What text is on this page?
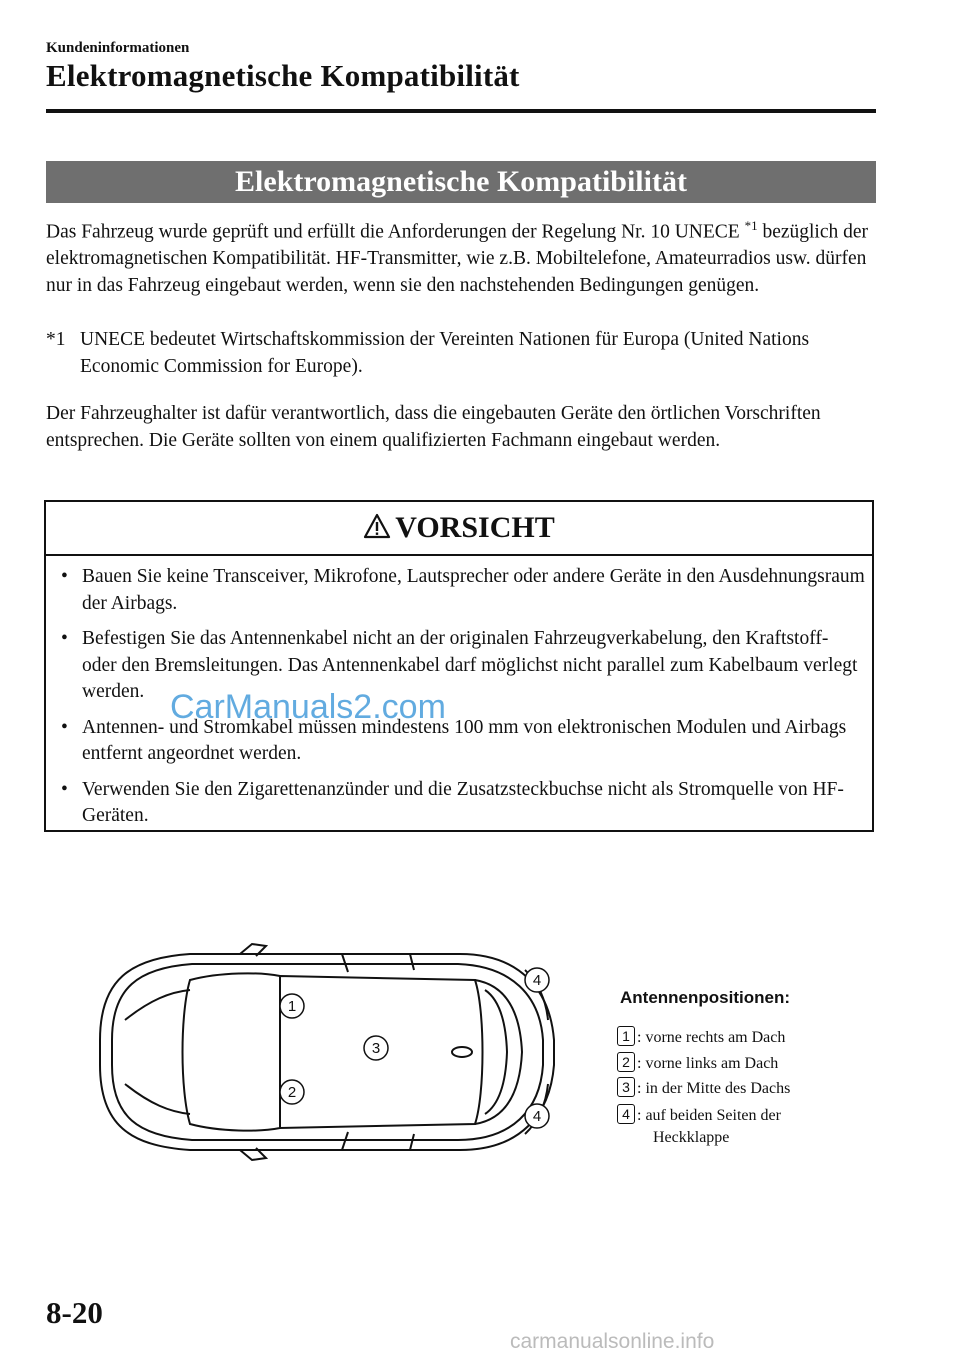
Kundeninformationen
Elektromagnetische Kompatibilität
Elektromagnetische Kompatibilität
Das Fahrzeug wurde geprüft und erfüllt die Anforderungen der Regelung Nr. 10 UNECE $^{*1}$ bezüglich der elektromagnetischen Kompatibilität. HF-Transmitter, wie z.B. Mobiltelefone, Amateurradios usw. dürfen nur in das Fahrzeug eingebaut werden, wenn sie den nachstehenden Bedingungen genügen.
*1 UNECE bedeutet Wirtschaftskommission der Vereinten Nationen für Europa (United Nations Economic Commission for Europe).
Der Fahrzeughalter ist dafür verantwortlich, dass die eingebauten Geräte den örtlichen Vorschriften entsprechen. Die Geräte sollten von einem qualifizierten Fachmann eingebaut werden.
VORSICHT
• Bauen Sie keine Transceiver, Mikrofone, Lautsprecher oder andere Geräte in den Ausdehnungsraum der Airbags.
• Befestigen Sie das Antennenkabel nicht an der originalen Fahrzeugverkabelung, den Kraftstoff- oder den Bremsleitungen. Das Antennenkabel darf möglichst nicht parallel zum Kabelbaum verlegt werden.
• Antennen- und Stromkabel müssen mindestens 100 mm von elektronischen Modulen und Airbags entfernt angeordnet werden.
• Verwenden Sie den Zigarettenanzünder und die Zusatzsteckbuchse nicht als Stromquelle von HF-Geräten.
CarManuals2.com
1
2
3
4
4
Antennenpositionen:
1 : vorne rechts am Dach
2 : vorne links am Dach
3 : in der Mitte des Dachs
4 : auf beiden Seiten der
Heckklappe
8-20
carmanualsonline.info
